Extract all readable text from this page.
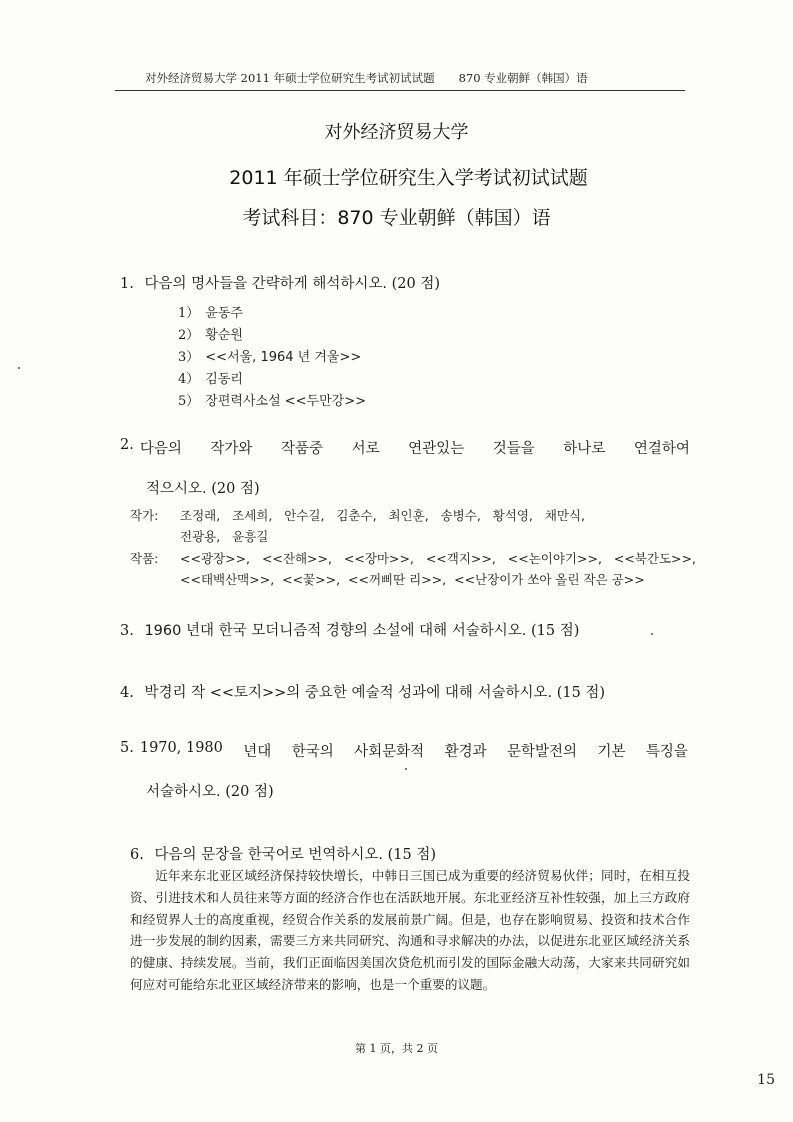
对外经济贸易大学 2011 年硕士学位研究生考试初试试题 870 专业朝鲜（韩国）语
对外经济贸易大学
2011 年硕士学位研究生入学考试初试试题
考试科目：870 专业朝鲜（韩国）语
1. 다음의 명사들을 간략하게 해석하시오. (20 점)
1） 윤동주
2） 황순원
3） <<서울, 1964 년 겨울>>
4） 김동리
5） 장편력사소설 <<두만강>>
2. 다음의 작가와 작품중 서로 연관있는 것들을 하나로 연결하여
적으시오. (20 점)
작가: 조정래,   조세희,   안수길,   김춘수,   최인훈,   송병수,   황석영,   채만식,
전광용,   윤흥길
작품: <<광장>>,   <<잔해>>,   <<장마>>,   <<객지>>,   <<논이야기>>,   <<북간도>>,
<<태백산맥>>,  <<꽃>>,  <<꺼삐딴 리>>,  <<난장이가 쏘아 올린 작은 공>>
3. 1960 년대 한국 모더니즘적 경향의 소설에 대해 서술하시오. (15 점)
4. 박경리 작 <<토지>>의 중요한 예술적 성과에 대해 서술하시오. (15 점)
5. 1970, 1980 년대 한국의 사회문화적 환경과 문학발전의 기본 특징을
서술하시오. (20 점)
6. 다음의 문장을 한국어로 번역하시오. (15 점)
近年来东北亚区域经济保持较快增长，中韩日三国已成为重要的经济贸易伙伴；同时，在相互投资、引进技术和人员往来等方面的经济合作也在活跃地开展。东北亚经济互补性较强，加上三方政府和经贸界人士的高度重视，经贸合作关系的发展前景广阔。但是，也存在影响贸易、投资和技术合作进一步发展的制约因素，需要三方来共同研究、沟通和寻求解决的办法，以促进东北亚区域经济关系的健康、持续发展。当前，我们正面临因美国次贷危机而引发的国际金融大动荡，大家来共同研究如何应对可能给东北亚区域经济带来的影响，也是一个重要的议题。
第 1 页，共 2 页
15
